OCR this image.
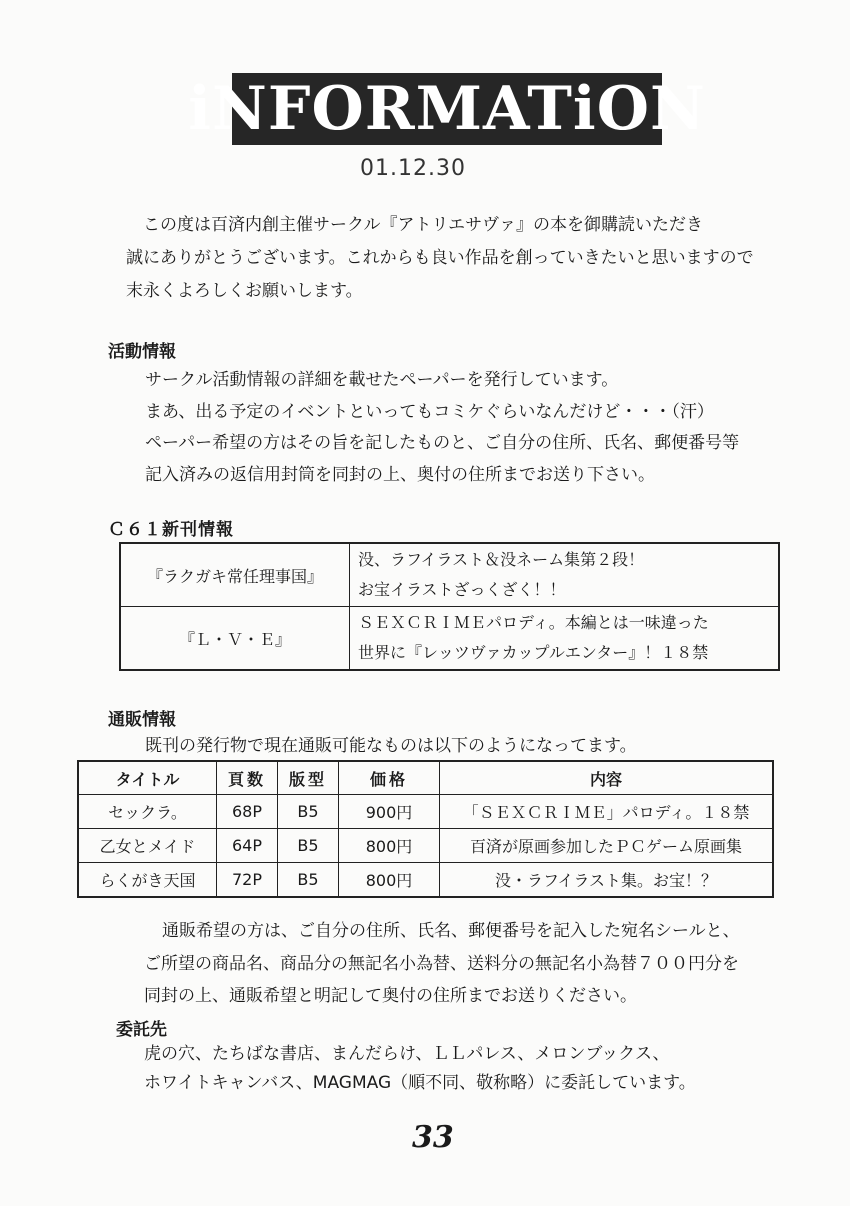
iNFORMATiON
01.12.30
この度は百済内創主催サークル『アトリエサヴァ』の本を御購読いただき
誠にありがとうございます。これからも良い作品を創っていきたいと思いますので
末永くよろしくお願いします。
活動情報
サークル活動情報の詳細を載せたペーパーを発行しています。
まあ、出る予定のイベントといってもコミケぐらいなんだけど・・・（汗）
ペーパー希望の方はその旨を記したものと、ご自分の住所、氏名、郵便番号等
記入済みの返信用封筒を同封の上、奥付の住所までお送り下さい。
Ｃ６１新刊情報
『ラクガキ常任理事国』	没、ラフイラスト＆没ネーム集第２段！
お宝イラストざっくざく！！

『Ｌ・Ｖ・Ｅ』	ＳＥＸＣＲＩＭＥパロディ。本編とは一味違った
世界に『レッツヴァカップルエンター』！１８禁
通販情報
既刊の発行物で現在通販可能なものは以下のようになってます。
タイトル	頁数	版型	価格	内容
セックラ。	68P	B5	900円	「ＳＥＸＣＲＩＭＥ」パロディ。１８禁
乙女とメイド	64P	B5	800円	百済が原画参加したＰＣゲーム原画集
らくがき天国	72P	B5	800円	没・ラフイラスト集。お宝！？
通販希望の方は、ご自分の住所、氏名、郵便番号を記入した宛名シールと、
ご所望の商品名、商品分の無記名小為替、送料分の無記名小為替７００円分を
同封の上、通販希望と明記して奥付の住所までお送りください。
委託先
虎の穴、たちばな書店、まんだらけ、ＬＬパレス、メロンブックス、
ホワイトキャンバス、MAGMAG（順不同、敬称略）に委託しています。
33
